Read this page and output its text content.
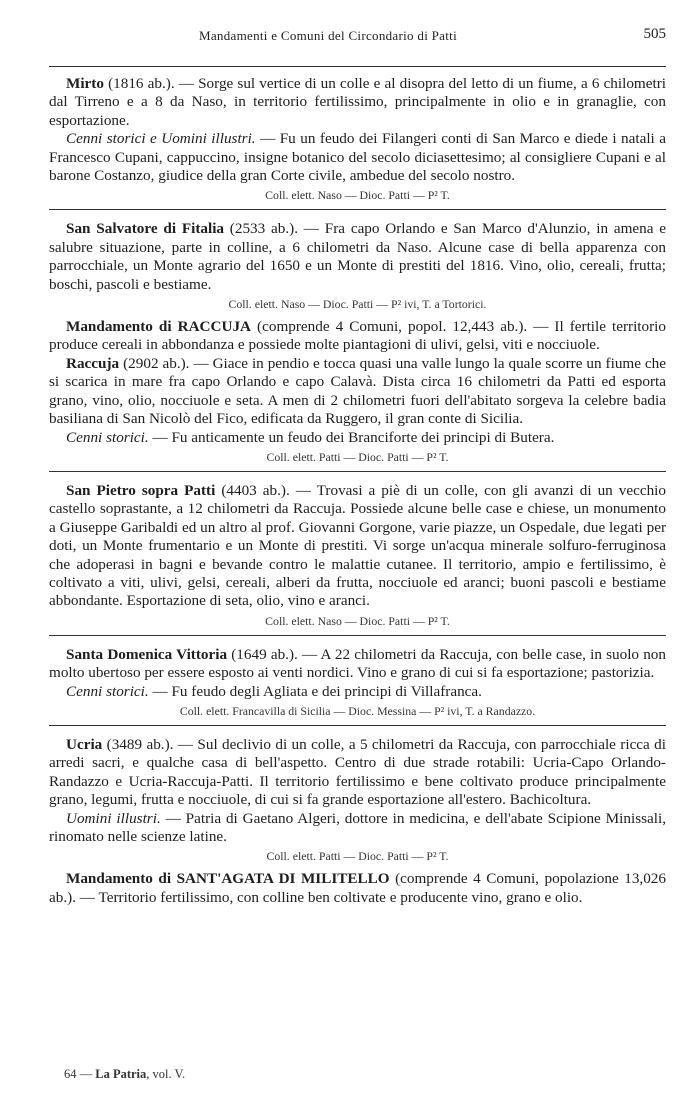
Mandamenti e Comuni del Circondario di Patti	505

Mirto (1816 ab.). — Sorge sul vertice di un colle e al disopra del letto di un fiume, a 6 chilometri dal Tirreno e a 8 da Naso, in territorio fertilissimo, principalmente in olio e in granaglie, con esportazione.

Cenni storici e Uomini illustri. — Fu un feudo dei Filangeri conti di San Marco e diede i natali a Francesco Cupani, cappuccino, insigne botanico del secolo diciasettesimo; al consigliere Cupani e al barone Costanzo, giudice della gran Corte civile, ambedue del secolo nostro.

Coll. elett. Naso — Dioc. Patti — P² T.

San Salvatore di Fitalia (2533 ab.). — Fra capo Orlando e San Marco d'Alunzio, in amena e salubre situazione, parte in colline, a 6 chilometri da Naso. Alcune case di bella apparenza con parrocchiale, un Monte agrario del 1650 e un Monte di prestiti del 1816. Vino, olio, cereali, frutta; boschi, pascoli e bestiame.

Coll. elett. Naso — Dioc. Patti — P² ivi, T. a Tortorici.

Mandamento di RACCUJA (comprende 4 Comuni, popol. 12,443 ab.). — Il fertile territorio produce cereali in abbondanza e possiede molte piantagioni di ulivi, gelsi, viti e nocciuole.

Raccuja (2902 ab.). — Giace in pendio e tocca quasi una valle lungo la quale scorre un fiume che si scarica in mare fra capo Orlando e capo Calavà. Dista circa 16 chilometri da Patti ed esporta grano, vino, olio, nocciuole e seta. A men di 2 chilometri fuori dell'abitato sorgeva la celebre badia basiliana di San Nicolò del Fico, edificata da Ruggero, il gran conte di Sicilia.

Cenni storici. — Fu anticamente un feudo dei Branciforte dei principi di Butera.

Coll. elett. Patti — Dioc. Patti — P² T.

San Pietro sopra Patti (4403 ab.). — Trovasi a piè di un colle, con gli avanzi di un vecchio castello soprastante, a 12 chilometri da Raccuja. Possiede alcune belle case e chiese, un monumento a Giuseppe Garibaldi ed un altro al prof. Giovanni Gorgone, varie piazze, un Ospedale, due legati per doti, un Monte frumentario e un Monte di prestiti. Vi sorge un'acqua minerale solfuro-ferruginosa che adoperasi in bagni e bevande contro le malattie cutanee. Il territorio, ampio e fertilissimo, è coltivato a viti, ulivi, gelsi, cereali, alberi da frutta, nocciuole ed aranci; buoni pascoli e bestiame abbondante. Esportazione di seta, olio, vino e aranci.

Coll. elett. Naso — Dioc. Patti — P² T.

Santa Domenica Vittoria (1649 ab.). — A 22 chilometri da Raccuja, con belle case, in suolo non molto ubertoso per essere esposto ai venti nordici. Vino e grano di cui si fa esportazione; pastorizia.

Cenni storici. — Fu feudo degli Agliata e dei principi di Villafranca.

Coll. elett. Francavilla di Sicilia — Dioc. Messina — P² ivi, T. a Randazzo.

Ucria (3489 ab.). — Sul declivio di un colle, a 5 chilometri da Raccuja, con parrocchiale ricca di arredi sacri, e qualche casa di bell'aspetto. Centro di due strade rotabili: Ucria-Capo Orlando-Randazzo e Ucria-Raccuja-Patti. Il territorio fertilissimo e bene coltivato produce principalmente grano, legumi, frutta e nocciuole, di cui si fa grande esportazione all'estero. Bachicoltura.

Uomini illustri. — Patria di Gaetano Algeri, dottore in medicina, e dell'abate Scipione Minissali, rinomato nelle scienze latine.

Coll. elett. Patti — Dioc. Patti — P² T.

Mandamento di SANT'AGATA DI MILITELLO (comprende 4 Comuni, popolazione 13,026 ab.). — Territorio fertilissimo, con colline ben coltivate e producente vino, grano e olio.

64 — La Patria, vol. V.
